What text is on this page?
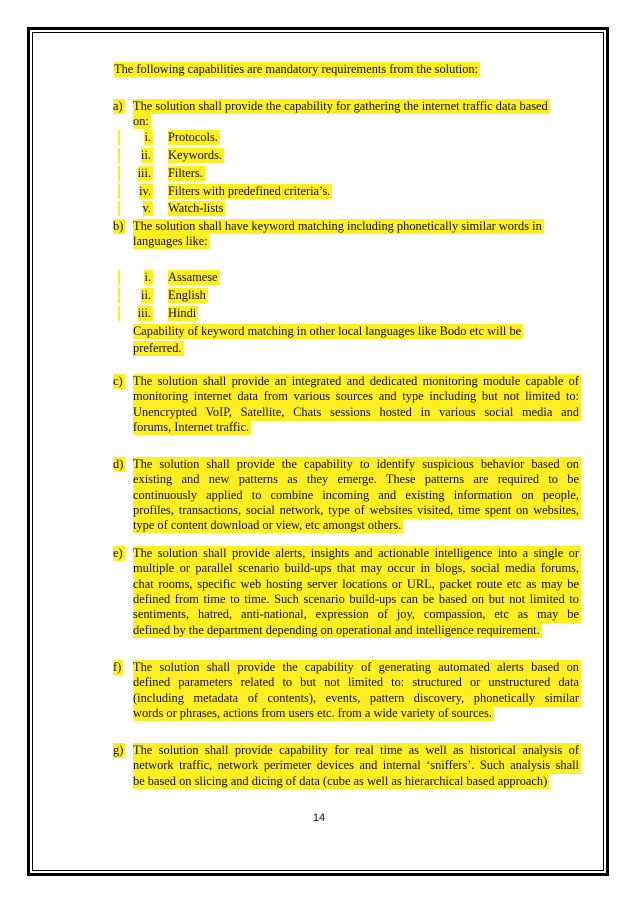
The following capabilities are mandatory requirements from the solution:
a) The solution shall provide the capability for gathering the internet traffic data based
on:
i. Protocols.
ii. Keywords.
iii. Filters.
iv. Filters with predefined criteria’s.
v. Watch-lists
b) The solution shall have keyword matching including phonetically similar words in
languages like:
i. Assamese
ii. English
iii. Hindi
Capability of keyword matching in other local languages like Bodo etc will be
preferred.
c) The solution shall provide an integrated and dedicated monitoring module capable of
monitoring internet data from various sources and type including but not limited to:
Unencrypted VoIP, Satellite, Chats sessions hosted in various social media and
forums, Internet traffic.
d) The solution shall provide the capability to identify suspicious behavior based on
existing and new patterns as they emerge. These patterns are required to be
continuously applied to combine incoming and existing information on people,
profiles, transactions, social network, type of websites visited, time spent on websites,
type of content download or view, etc amongst others.
e) The solution shall provide alerts, insights and actionable intelligence into a single or
multiple or parallel scenario build-ups that may occur in blogs, social media forums,
chat rooms, specific web hosting server locations or URL, packet route etc as may be
defined from time to time. Such scenario build-ups can be based on but not limited to
sentiments, hatred, anti-national, expression of joy, compassion, etc as may be
defined by the department depending on operational and intelligence requirement.
f) The solution shall provide the capability of generating automated alerts based on
defined parameters related to but not limited to: structured or unstructured data
(including metadata of contents), events, pattern discovery, phonetically similar
words or phrases, actions from users etc. from a wide variety of sources.
g) The solution shall provide capability for real time as well as historical analysis of
network traffic, network perimeter devices and internal ‘sniffers’. Such analysis shall
be based on slicing and dicing of data (cube as well as hierarchical based approach)
14
